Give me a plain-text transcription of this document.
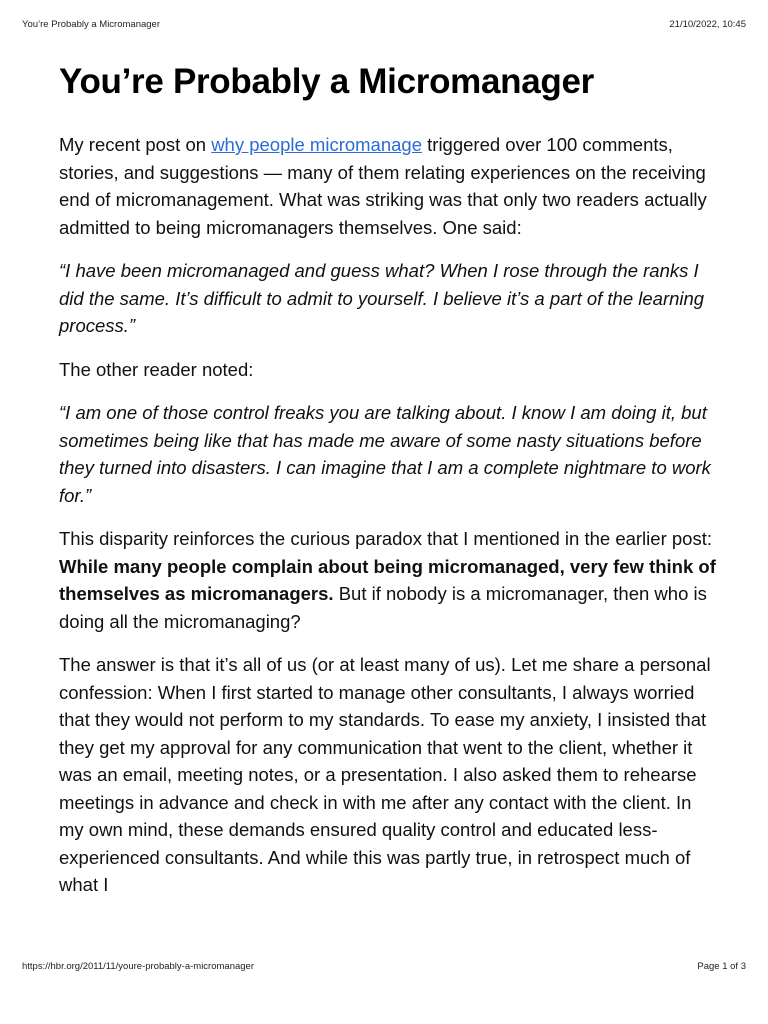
You’re Probably a Micromanager	21/10/2022, 10:45
You’re Probably a Micromanager

My recent post on why people micromanage triggered over 100 comments, stories, and suggestions — many of them relating experiences on the receiving end of micromanagement. What was striking was that only two readers actually admitted to being micromanagers themselves. One said:

“I have been micromanaged and guess what? When I rose through the ranks I did the same. It’s difficult to admit to yourself. I believe it’s a part of the learning process.”

The other reader noted:

“I am one of those control freaks you are talking about. I know I am doing it, but sometimes being like that has made me aware of some nasty situations before they turned into disasters. I can imagine that I am a complete nightmare to work for.”

This disparity reinforces the curious paradox that I mentioned in the earlier post: While many people complain about being micromanaged, very few think of themselves as micromanagers. But if nobody is a micromanager, then who is doing all the micromanaging?

The answer is that it’s all of us (or at least many of us). Let me share a personal confession: When I first started to manage other consultants, I always worried that they would not perform to my standards. To ease my anxiety, I insisted that they get my approval for any communication that went to the client, whether it was an email, meeting notes, or a presentation. I also asked them to rehearse meetings in advance and check in with me after any contact with the client. In my own mind, these demands ensured quality control and educated less-experienced consultants. And while this was partly true, in retrospect much of what I

https://hbr.org/2011/11/youre-probably-a-micromanager	Page 1 of 3
